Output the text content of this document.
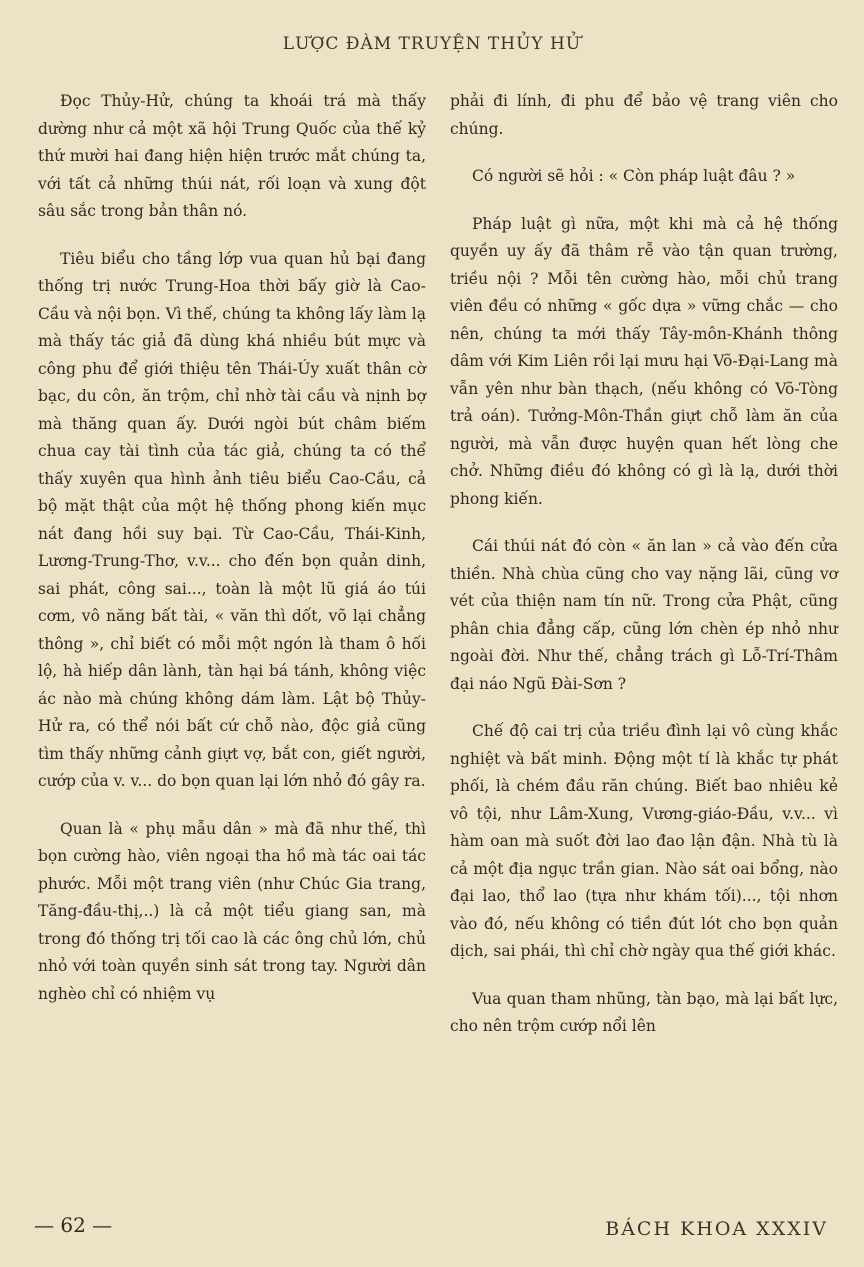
LƯỢC ĐÀM TRUYỆN THỦY HỬ

Đọc Thủy-Hử, chúng ta khoái trá mà thấy dường như cả một xã hội Trung Quốc của thế kỷ thứ mười hai đang hiện hiện trước mắt chúng ta, với tất cả những thúi nát, rối loạn và xung đột sâu sắc trong bản thân nó.

Tiêu biểu cho tầng lớp vua quan hủ bại đang thống trị nước Trung-Hoa thời bấy giờ là Cao-Cầu và nội bọn. Vì thế, chúng ta không lấy làm lạ mà thấy tác giả đã dùng khá nhiều bút mực và công phu để giới thiệu tên Thái-Úy xuất thân cờ bạc, du côn, ăn trộm, chỉ nhờ tài cầu và nịnh bợ mà thăng quan ấy. Dưới ngòi bút châm biếm chua cay tài tình của tác giả, chúng ta có thể thấy xuyên qua hình ảnh tiêu biểu Cao-Cầu, cả bộ mặt thật của một hệ thống phong kiến mục nát đang hồi suy bại. Từ Cao-Cầu, Thái-Kinh, Lương-Trung-Thơ, v.v... cho đến bọn quản dinh, sai phát, công sai..., toàn là một lũ giá áo túi cơm, vô năng bất tài, « văn thì dốt, võ lại chẳng thông », chỉ biết có mỗi một ngón là tham ô hối lộ, hà hiếp dân lành, tàn hại bá tánh, không việc ác nào mà chúng không dám làm. Lật bộ Thủy-Hử ra, có thể nói bất cứ chỗ nào, độc giả cũng tìm thấy những cảnh giựt vợ, bắt con, giết người, cướp của v. v... do bọn quan lại lớn nhỏ đó gây ra.

Quan là « phụ mẫu dân » mà đã như thế, thì bọn cường hào, viên ngoại tha hồ mà tác oai tác phước. Mỗi một trang viên (như Chúc Gia trang, Tăng-đầu-thị,..) là cả một tiểu giang san, mà trong đó thống trị tối cao là các ông chủ lớn, chủ nhỏ với toàn quyền sinh sát trong tay. Người dân nghèo chỉ có nhiệm vụ

phải đi lính, đi phu để bảo vệ trang viên cho chúng.

Có người sẽ hỏi : « Còn pháp luật đâu ? »

Pháp luật gì nữa, một khi mà cả hệ thống quyền uy ấy đã thâm rễ vào tận quan trường, triều nội ? Mỗi tên cường hào, mỗi chủ trang viên đều có những « gốc dựa » vững chắc — cho nên, chúng ta mới thấy Tây-môn-Khánh thông dâm với Kim Liên rồi lại mưu hại Võ-Đại-Lang mà vẫn yên như bàn thạch, (nếu không có Võ-Tòng trả oán). Tưởng-Môn-Thần giựt chỗ làm ăn của người, mà vẫn được huyện quan hết lòng che chở. Những điều đó không có gì là lạ, dưới thời phong kiến.

Cái thúi nát đó còn « ăn lan » cả vào đến cửa thiền. Nhà chùa cũng cho vay nặng lãi, cũng vơ vét của thiện nam tín nữ. Trong cửa Phật, cũng phân chia đẳng cấp, cũng lớn chèn ép nhỏ như ngoài đời. Như thế, chẳng trách gì Lỗ-Trí-Thâm đại náo Ngũ Đài-Sơn ?

Chế độ cai trị của triều đình lại vô cùng khắc nghiệt và bất minh. Động một tí là khắc tự phát phối, là chém đầu răn chúng. Biết bao nhiêu kẻ vô tội, như Lâm-Xung, Vương-giáo-Đầu, v.v... vì hàm oan mà suốt đời lao đao lận đận. Nhà tù là cả một địa ngục trần gian. Nào sát oai bổng, nào đại lao, thổ lao (tựa như khám tối)..., tội nhơn vào đó, nếu không có tiền đút lót cho bọn quản dịch, sai phái, thì chỉ chờ ngày qua thế giới khác.

Vua quan tham nhũng, tàn bạo, mà lại bất lực, cho nên trộm cướp nổi lên

— 62 —	BÁCH KHOA XXXIV
